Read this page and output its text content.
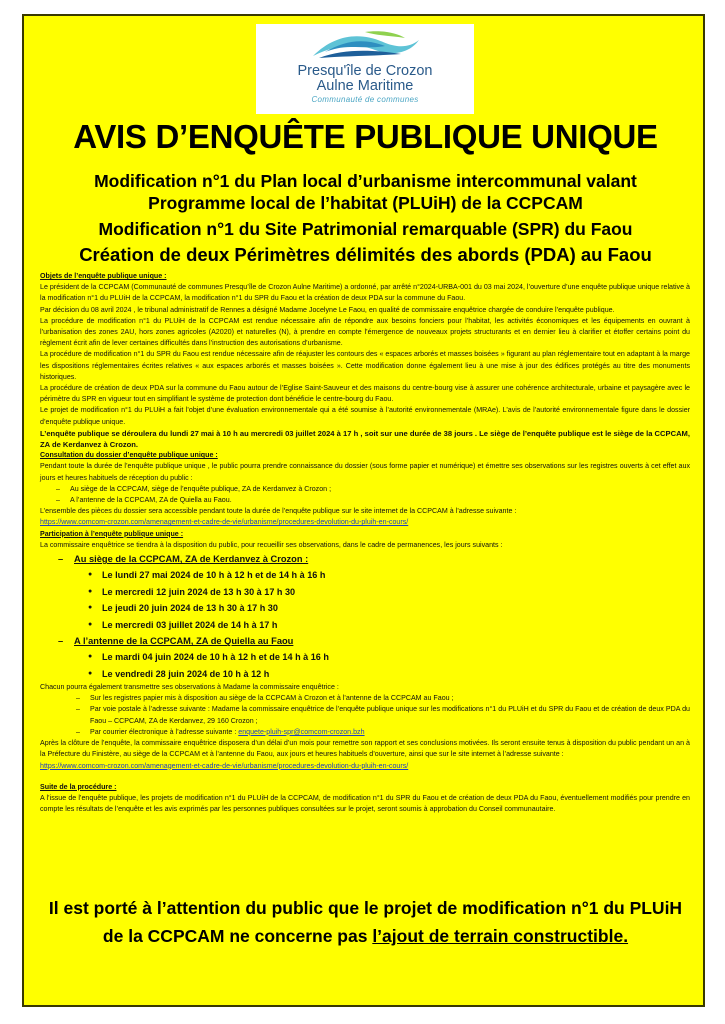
Presqu'île de Crozon
Aulne Maritime
Communauté de communes
AVIS D’ENQUÊTE PUBLIQUE UNIQUE
Modification n°1 du Plan local d’urbanisme intercommunal valant
Programme local de l’habitat (PLUiH) de la CCPCAM
Modification n°1 du Site Patrimonial remarquable (SPR) du Faou
Création de deux Périmètres délimités des abords (PDA) au Faou

Objets de l’enquête publique unique :

Le président de la CCPCAM (Communauté de communes Presqu’île de Crozon Aulne Maritime) a ordonné, par arrêté n°2024-URBA-001 du 03 mai 2024, l’ouverture d’une enquête publique unique relative à la modification n°1 du PLUiH de la CCPCAM, la modification n°1 du SPR du Faou et la création de deux PDA sur la commune du Faou.

Par décision du 08 avril 2024 , le tribunal administratif de Rennes a désigné Madame Jocelyne Le Faou, en qualité de commissaire enquêtrice chargée de conduire l’enquête publique.

La procédure de modification n°1 du PLUiH de la CCPCAM est rendue nécessaire afin de répondre aux besoins fonciers pour l’habitat, les activités économiques et les équipements en ouvrant à l’urbanisation des zones 2AU, hors zones agricoles (A2020) et naturelles (N), à prendre en compte l’émergence de nouveaux projets structurants et en dernier lieu à clarifier et étoffer certains point du règlement écrit afin de lever certaines difficultés dans l’instruction des autorisations d’urbanisme.

La procédure de modification n°1 du SPR du Faou est rendue nécessaire afin de réajuster les contours des « espaces arborés et masses boisées » figurant au plan réglementaire tout en adaptant à la marge les dispositions réglementaires écrites relatives « aux espaces arborés et masses boisées ». Cette modification donne également lieu à une mise à jour des édifices protégés au titre des monuments historiques.

La procédure de création de deux PDA sur la commune du Faou autour de l’Eglise Saint-Sauveur et des maisons du centre-bourg vise à assurer une cohérence architecturale, urbaine et paysagère avec le périmètre du SPR en vigueur tout en simplifiant le système de protection dont bénéficie le centre-bourg du Faou.

Le projet de modification n°1 du PLUiH a fait l’objet d’une évaluation environnementale qui a été soumise à l’autorité environnementale (MRAe). L’avis de l’autorité environnementale figure dans le dossier d’enquête publique unique.

L’enquête publique se déroulera du lundi 27 mai à 10 h au mercredi 03 juillet 2024 à 17 h , soit sur une durée de 38 jours . Le siège de l’enquête publique est le siège de la CCPCAM, ZA de Kerdanvez à Crozon.

Consultation du dossier d’enquête publique unique :

Pendant toute la durée de l’enquête publique unique , le public pourra prendre connaissance du dossier (sous forme papier et numérique) et émettre ses observations sur les registres ouverts à cet effet aux jours et heures habituels de réception du public :

– Au siège de la CCPCAM, siège de l’enquête publique, ZA de Kerdanvez à Crozon ;

– A l’antenne de la CCPCAM, ZA de Quiella au Faou.

L’ensemble des pièces du dossier sera accessible pendant toute la durée de l’enquête publique sur le site internet de la CCPCAM à l’adresse suivante :

https://www.comcom-crozon.com/amenagement-et-cadre-de-vie/urbanisme/procedures-devolution-du-pluih-en-cours/

Participation à l’enquête publique unique :

La commissaire enquêtrice se tiendra à la disposition du public, pour recueillir ses observations, dans le cadre de permanences, les jours suivants :

– Au siège de la CCPCAM, ZA de Kerdanvez à Crozon :
● Le lundi 27 mai 2024 de 10 h à 12 h et de 14 h à 16 h
● Le mercredi 12 juin 2024 de 13 h 30 à 17 h 30
● Le jeudi 20 juin 2024 de 13 h 30 à 17 h 30
● Le mercredi 03 juillet 2024 de 14 h à 17 h
– A l’antenne de la CCPCAM, ZA de Quiella au Faou
● Le mardi 04 juin 2024 de 10 h à 12 h et de 14 h à 16 h
● Le vendredi 28 juin 2024 de 10 h à 12 h

Chacun pourra également transmettre ses observations à Madame la commissaire enquêtrice :

– Sur les registres papier mis à disposition au siège de la CCPCAM à Crozon et à l’antenne de la CCPCAM au Faou ;

– Par voie postale à l’adresse suivante : Madame la commissaire enquêtrice de l’enquête publique unique sur les modifications n°1 du PLUiH et du SPR du Faou et de création de deux PDA du Faou – CCPCAM, ZA de Kerdanvez, 29 160 Crozon ;

– Par courrier électronique à l’adresse suivante : enquete-pluih-spr@comcom-crozon.bzh

Après la clôture de l’enquête, la commissaire enquêtrice disposera d’un délai d’un mois pour remettre son rapport et ses conclusions motivées. Ils seront ensuite tenus à disposition du public pendant un an à la Préfecture du Finistère, au siège de la CCPCAM et à l’antenne du Faou, aux jours et heures habituels d’ouverture, ainsi que sur le site internet à l’adresse suivante :

https://www.comcom-crozon.com/amenagement-et-cadre-de-vie/urbanisme/procedures-devolution-du-pluih-en-cours/

Suite de la procédure :

A l’issue de l’enquête publique, les projets de modification n°1 du PLUiH de la CCPCAM, de modification n°1 du SPR du Faou et de création de deux PDA du Faou, éventuellement modifiés pour prendre en compte les résultats de l’enquête et les avis exprimés par les personnes publiques consultées sur le projet, seront soumis à approbation du Conseil communautaire.

Il est porté à l’attention du public que le projet de modification n°1 du PLUiH de la CCPCAM ne concerne pas l’ajout de terrain constructible.
